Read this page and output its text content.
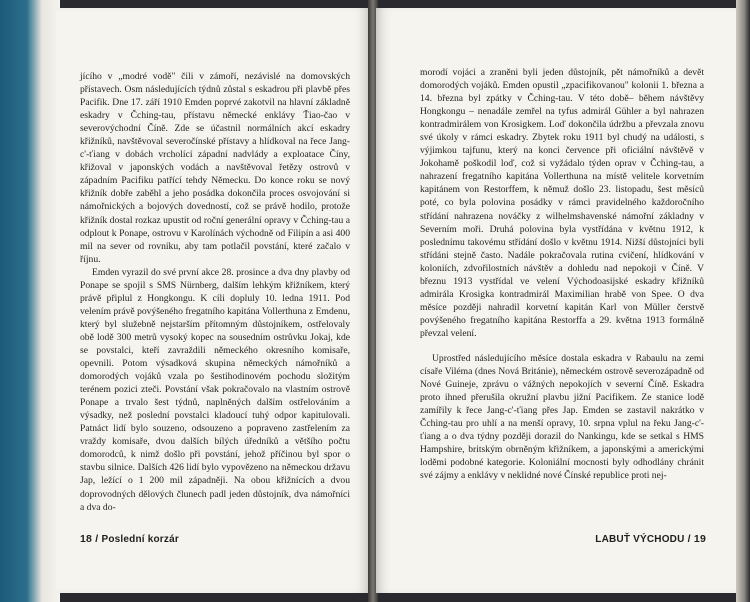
jícího v „modré vodě" čili v zámoří, nezávislé na domovských přístavech. Osm následujících týdnů zůstal s eskadrou při plavbě přes Pacifik. Dne 17. září 1910 Emden poprvé zakotvil na hlavní základně eskadry v Čching-tau, přístavu německé enklávy Ťiao-čao v severovýchodní Číně. Zde se účastnil normálních akcí eskadry křižníků, navštěvoval severočínské přístavy a hlídkoval na řece Jang-c'-ťiang v dobách vrcholící západní nadvlády a exploatace Číny, křižoval v japonských vodách a navštěvoval řetězy ostrovů v západním Pacifiku patřící tehdy Německu. Do konce roku se nový křižník dobře zaběhl a jeho posádka dokončila proces osvojování si námořnických a bojových dovedností, což se právě hodilo, protože křižník dostal rozkaz upustit od roční generální opravy v Čching-tau a odplout k Ponape, ostrovu v Karolínách východně od Filipín a asi 400 mil na sever od rovníku, aby tam potlačil povstání, které začalo v říjnu.

Emden vyrazil do své první akce 28. prosince a dva dny plavby od Ponape se spojil s SMS Nürnberg, dalším lehkým křižníkem, který právě připlul z Hongkongu. K cíli dopluly 10. ledna 1911. Pod velením právě povýšeného fregatního kapitána Vollerthuna z Emdenu, který byl služebně nejstarším přítomným důstojníkem, ostřelovaly obě lodě 300 metrů vysoký kopec na sousedním ostrůvku Jokaj, kde se povstalci, kteří zavraždili německého okresního komisaře, opevnili. Potom výsadková skupina německých námořníků a domorodých vojáků vzala po šestihodinovém pochodu složitým terénem pozici zteči. Povstání však pokračovalo na vlastním ostrově Ponape a trvalo šest týdnů, naplněných dalším ostřelováním a výsadky, než poslední povstalci kladoucí tuhý odpor kapitulovali. Patnáct lidí bylo souzeno, odsouzeno a popraveno zastřelením za vraždy komisaře, dvou dalších bílých úředníků a většího počtu domorodců, k nimž došlo při povstání, jehož příčinou byl spor o stavbu silnice. Dalších 426 lidí bylo vypovězeno na německou državu Jap, ležící o 1 200 mil západněji. Na obou křižnících a dvou doprovodných dělových člunech padl jeden důstojník, dva námořníci a dva do-

18 / Poslední korzár

morodí vojáci a zraněni byli jeden důstojník, pět námořníků a devět domorodých vojáků. Emden opustil „zpacifikovanou" kolonii 1. března a 14. března byl zpátky v Čching-tau. V této době– během návštěvy Hongkongu – nenadále zemřel na tyfus admirál Gühler a byl nahrazen kontradmirálem von Krosigkem. Loď dokončila údržbu a převzala znovu své úkoly v rámci eskadry. Zbytek roku 1911 byl chudý na události, s výjimkou tajfunu, který na konci července při oficiální návštěvě v Jokohamě poškodil loď, což si vyžádalo týden oprav v Čching-tau, a nahrazení fregatního kapitána Vollerthuna na místě velitele korvetním kapitánem von Restorffem, k němuž došlo 23. listopadu, šest měsíců poté, co byla polovina posádky v rámci pravidelného každoročního střídání nahrazena nováčky z wilhelmshavenské námořní základny v Severním moři. Druhá polovina byla vystřídána v květnu 1912, k poslednímu takovému střídání došlo v květnu 1914. Nižší důstojníci byli střídáni stejně často. Nadále pokračovala rutina cvičení, hlídkování v koloniích, zdvořilostních návštěv a dohledu nad nepokoji v Číně. V březnu 1913 vystřídal ve velení Východoasijské eskadry křižníků admirála Krosigka kontradmirál Maximilian hrabě von Spee. O dva měsíce později nahradil korvetní kapitán Karl von Müller čerstvě povýšeného fregatního kapitána Restorffa a 29. května 1913 formálně převzal velení.

Uprostřed následujícího měsíce dostala eskadra v Rabaulu na zemi císaře Viléma (dnes Nová Británie), německém ostrově severozápadně od Nové Guineje, zprávu o vážných nepokojích v severní Číně. Eskadra proto ihned přerušila okružní plavbu jižní Pacifikem. Ze stanice lodě zamířily k řece Jang-c'-ťiang přes Jap. Emden se zastavil nakrátko v Čching-tau pro uhlí a na menší opravy, 10. srpna vplul na řeku Jang-c'-ťiang a o dva týdny později dorazil do Nankingu, kde se setkal s HMS Hampshire, britským obrněným křižníkem, a japonskými a americkými loděmi podobné kategorie. Koloniální mocnosti byly odhodlány chránit své zájmy a enklávy v neklidné nové Čínské republice proti nej-

LABUŤ VÝCHODU / 19
